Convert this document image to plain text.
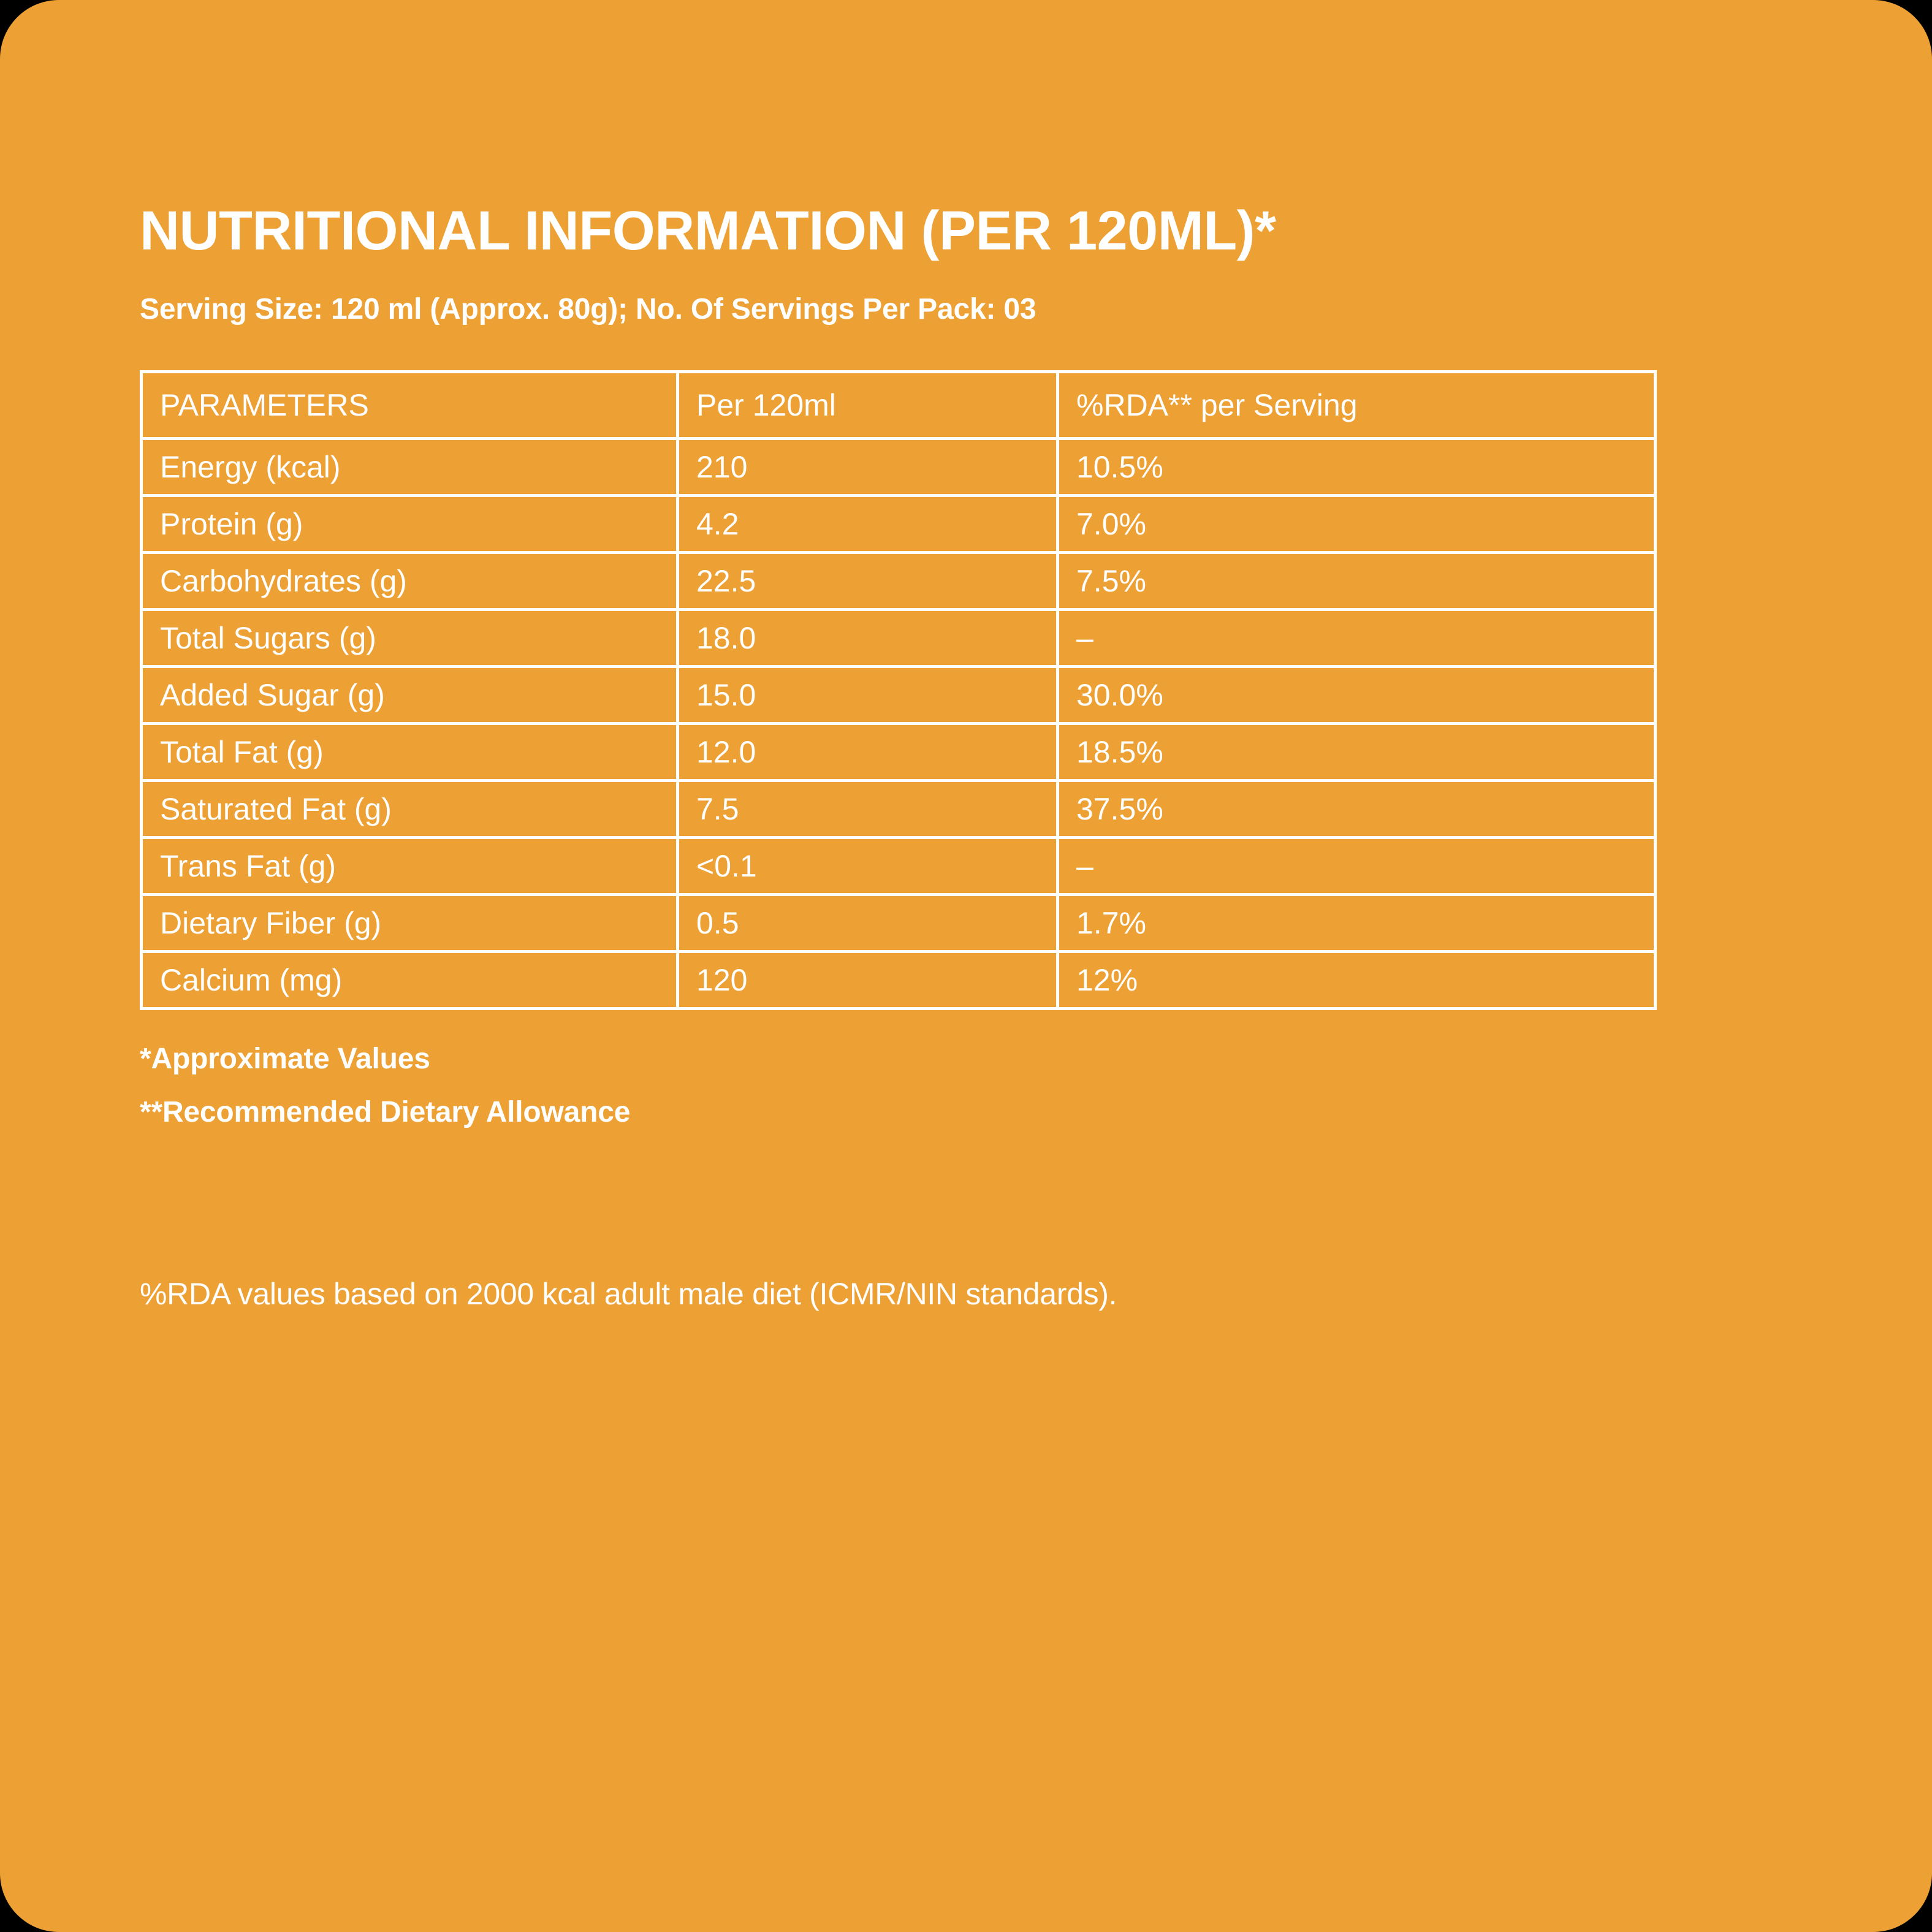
NUTRITIONAL INFORMATION (PER 120ML)*
Serving Size: 120 ml (Approx. 80g); No. Of Servings Per Pack: 03
PARAMETERS	Per 120ml	%RDA** per Serving
Energy (kcal)	210	10.5%
Protein (g)	4.2	7.0%
Carbohydrates (g)	22.5	7.5%
Total Sugars (g)	18.0	–
Added Sugar (g)	15.0	30.0%
Total Fat (g)	12.0	18.5%
Saturated Fat (g)	7.5	37.5%
Trans Fat (g)	<0.1	–
Dietary Fiber (g)	0.5	1.7%
Calcium (mg)	120	12%
*Approximate Values
**Recommended Dietary Allowance
%RDA values based on 2000 kcal adult male diet (ICMR/NIN standards).
